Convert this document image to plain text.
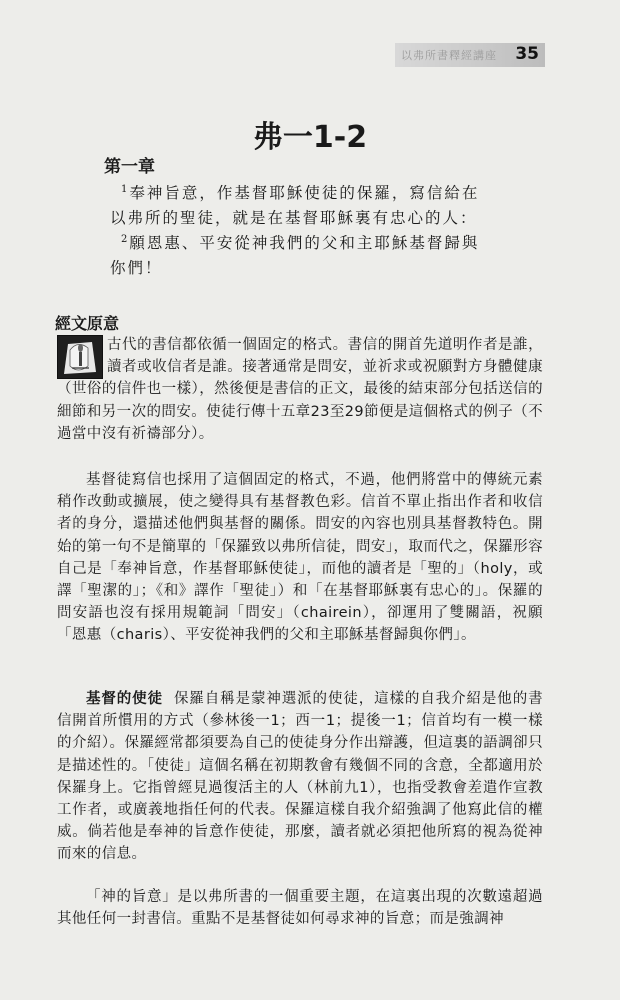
以弗所書釋經講座 35
弗一1-2
第一章
$^1$奉神旨意，作基督耶穌使徒的保羅，寫信給在
以弗所的聖徒，就是在基督耶穌裏有忠心的人：
$^2$願恩惠、平安從神我們的父和主耶穌基督歸與
你們！
經文原意
古代的書信都依循一個固定的格式。書信的開首先道明作者是誰，讀者或收信者是誰。接著通常是問安，並祈求或祝願對方身體健康（世俗的信件也一樣），然後便是書信的正文，最後的結束部分包括送信的細節和另一次的問安。使徒行傳十五章23至29節便是這個格式的例子（不過當中沒有祈禱部分）。
基督徒寫信也採用了這個固定的格式，不過，他們將當中的傳統元素稍作改動或擴展，使之變得具有基督教色彩。信首不單止指出作者和收信者的身分，還描述他們與基督的關係。問安的內容也別具基督教特色。開始的第一句不是簡單的「保羅致以弗所信徒，問安」，取而代之，保羅形容自己是「奉神旨意，作基督耶穌使徒」，而他的讀者是「聖的」（holy，或譯「聖潔的」；《和》譯作「聖徒」）和「在基督耶穌裏有忠心的」。保羅的問安語也沒有採用規範詞「問安」（chairein），卻運用了雙關語，祝願「恩惠（charis）、平安從神我們的父和主耶穌基督歸與你們」。
基督的使徒 保羅自稱是蒙神選派的使徒，這樣的自我介紹是他的書信開首所慣用的方式（參林後一1；西一1；提後一1；信首均有一模一樣的介紹）。保羅經常都須要為自己的使徒身分作出辯護，但這裏的語調卻只是描述性的。「使徒」這個名稱在初期教會有幾個不同的含意，全都適用於保羅身上。它指曾經見過復活主的人（林前九1），也指受教會差遣作宣教工作者，或廣義地指任何的代表。保羅這樣自我介紹強調了他寫此信的權威。倘若他是奉神的旨意作使徒，那麼，讀者就必須把他所寫的視為從神而來的信息。
「神的旨意」是以弗所書的一個重要主題，在這裏出現的次數遠超過其他任何一封書信。重點不是基督徒如何尋求神的旨意；而是強調神
